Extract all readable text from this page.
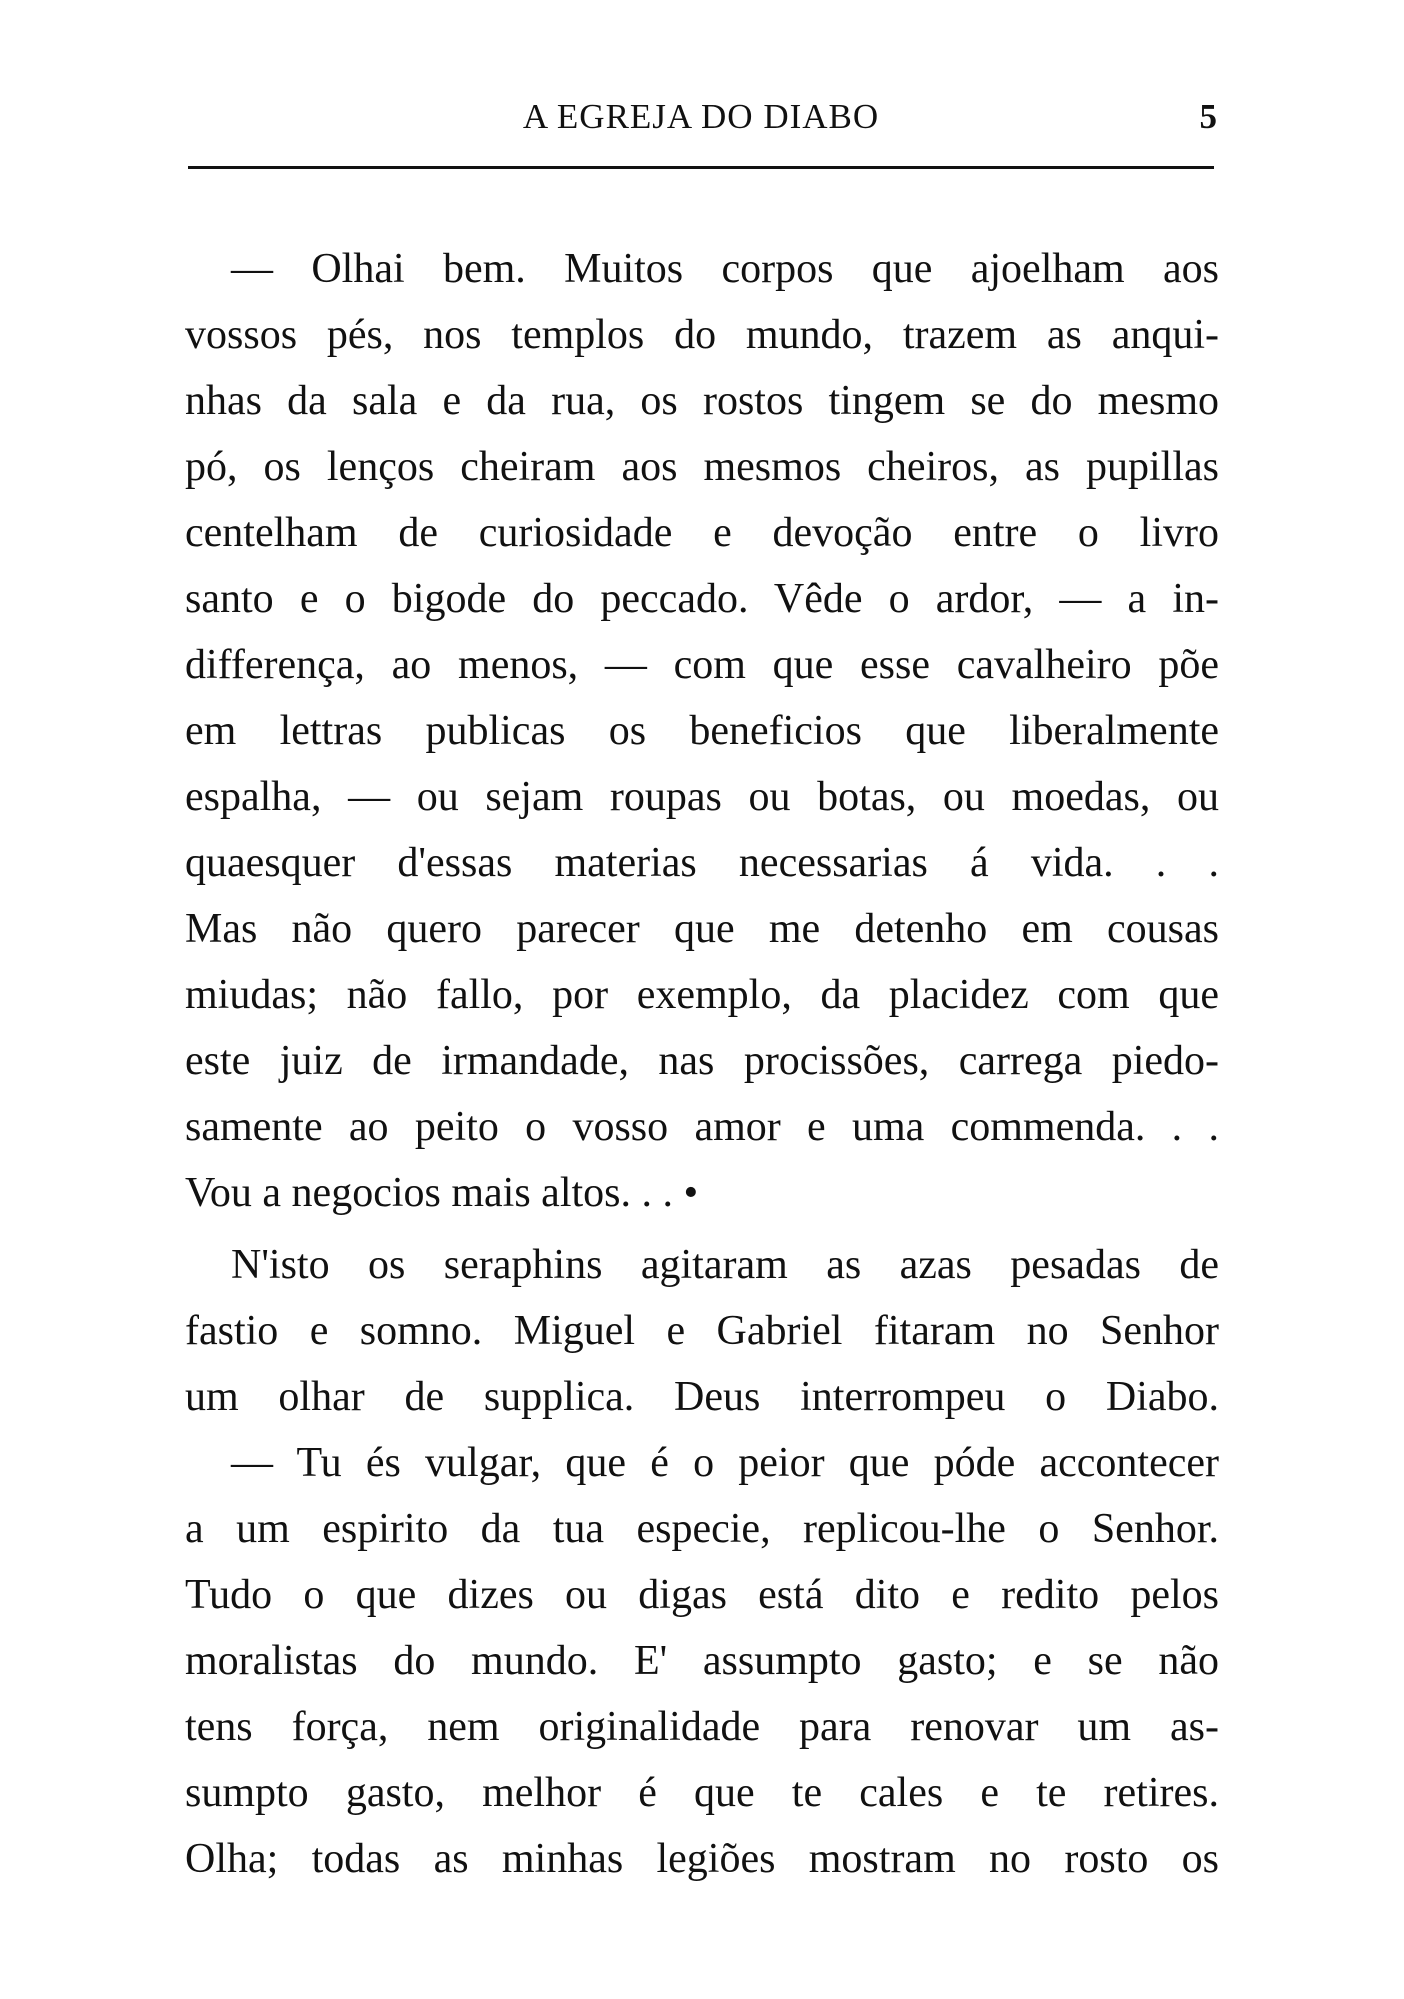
A EGREJA DO DIABO	5
— Olhai bem. Muitos corpos que ajoelham aos
vossos pés, nos templos do mundo, trazem as anqui-
nhas da sala e da rua, os rostos tingem se do mesmo
pó, os lenços cheiram aos mesmos cheiros, as pupillas
centelham de curiosidade e devoção entre o livro
santo e o bigode do peccado. Vêde o ardor, — a in-
differença, ao menos, — com que esse cavalheiro põe
em lettras publicas os beneficios que liberalmente
espalha, — ou sejam roupas ou botas, ou moedas, ou
quaesquer d'essas materias necessarias á vida. . .
Mas não quero parecer que me detenho em cousas
miudas; não fallo, por exemplo, da placidez com que
este juiz de irmandade, nas procissões, carrega piedo-
samente ao peito o vosso amor e uma commenda. . .
Vou a negocios mais altos. . . •
N'isto os seraphins agitaram as azas pesadas de
fastio e somno. Miguel e Gabriel fitaram no Senhor
um olhar de supplica. Deus interrompeu o Diabo.
— Tu és vulgar, que é o peior que póde accontecer
a um espirito da tua especie, replicou-lhe o Senhor.
Tudo o que dizes ou digas está dito e redito pelos
moralistas do mundo. E' assumpto gasto; e se não
tens força, nem originalidade para renovar um as-
sumpto gasto, melhor é que te cales e te retires.
Olha; todas as minhas legiões mostram no rosto os
